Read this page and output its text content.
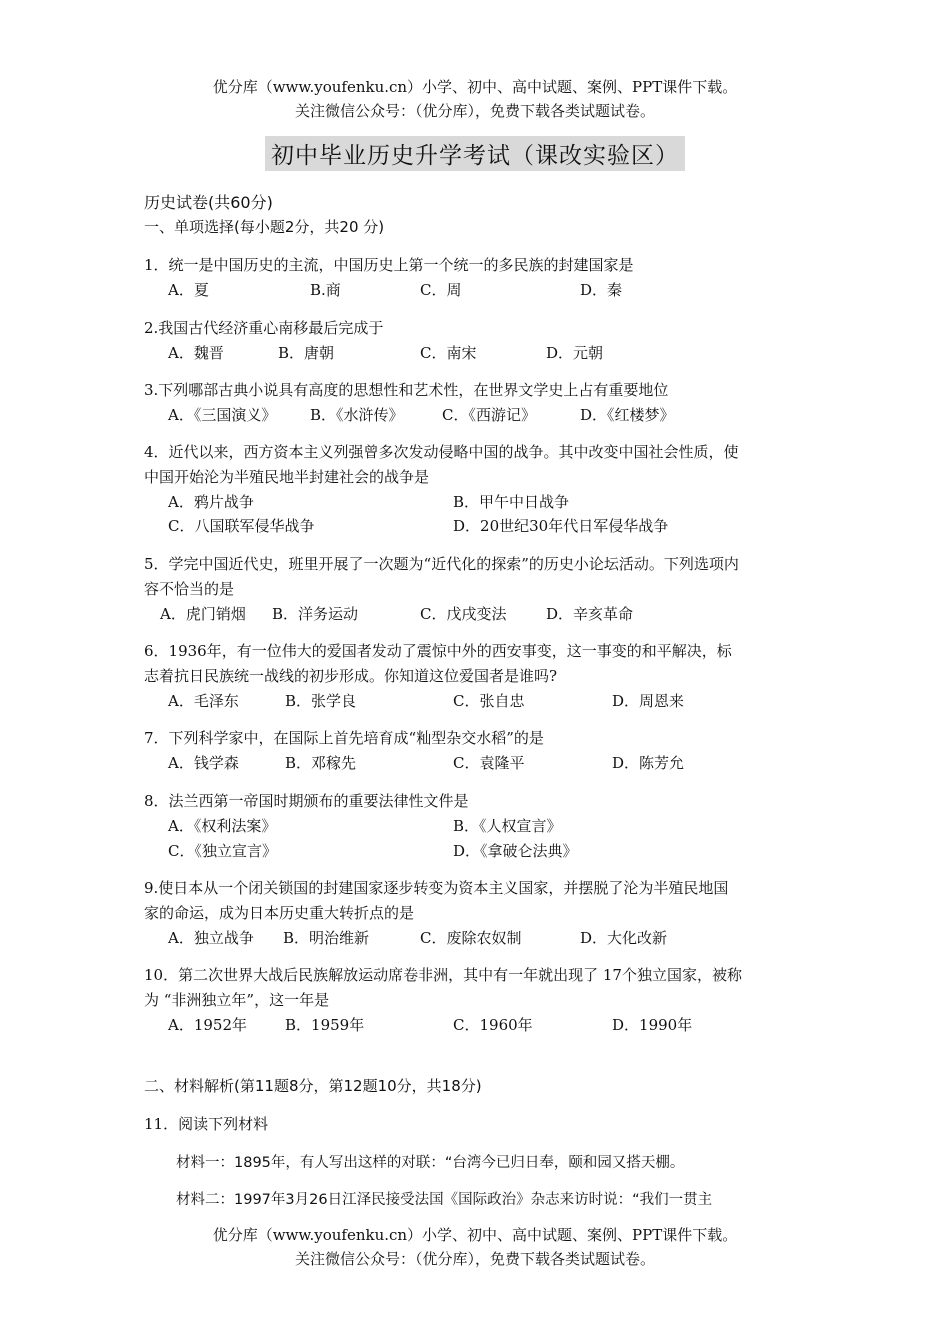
优分库（www.youfenku.cn）小学、初中、高中试题、案例、PPT课件下载。
关注微信公众号：（优分库），免费下载各类试题试卷。
初中毕业历史升学考试（课改实验区）
历史试卷(共60分)
一、单项选择(每小题2分，共20 分)
1．统一是中国历史的主流，中国历史上第一个统一的多民族的封建国家是
A．夏	B.商	C．周	D．秦
2.我国古代经济重心南移最后完成于
A．魏晋	B．唐朝	C．南宋	D．元朝
3.下列哪部古典小说具有高度的思想性和艺术性，在世界文学史上占有重要地位
A．《三国演义》 B．《水浒传》	C．《西游记》	D．《红楼梦》
4．近代以来，西方资本主义列强曾多次发动侵略中国的战争。其中改变中国社会性质，使
中国开始沦为半殖民地半封建社会的战争是
A．鸦片战争	B．甲午中日战争
C．八国联军侵华战争	D．20世纪30年代日军侵华战争
5．学完中国近代史，班里开展了一次题为“近代化的探索”的历史小论坛活动。下列选项内
容不恰当的是
A．虎门销烟 B．洋务运动	C．戊戌变法	D．辛亥革命
6．1936年，有一位伟大的爱国者发动了震惊中外的西安事变，这一事变的和平解决，标
志着抗日民族统一战线的初步形成。你知道这位爱国者是谁吗?
A．毛泽东	B．张学良	C．张自忠	D．周恩来
7．下列科学家中，在国际上首先培育成“籼型杂交水稻”的是
A．钱学森	B．邓稼先	C．袁隆平	D．陈芳允
8．法兰西第一帝国时期颁布的重要法律性文件是
A．《权利法案》	B．《人权宣言》
C．《独立宣言》	D．《拿破仑法典》
9.使日本从一个闭关锁国的封建国家逐步转变为资本主义国家，并摆脱了沦为半殖民地国
家的命运，成为日本历史重大转折点的是
A．独立战争 B．明治维新	C．废除农奴制	D．大化改新
10．第二次世界大战后民族解放运动席卷非洲，其中有一年就出现了 17个独立国家，被称
为 “非洲独立年”，这一年是
A．1952年	B．1959年	C．1960年	D．1990年
二、材料解析(第11题8分，第12题10分，共18分)
11．阅读下列材料
材料一：1895年，有人写出这样的对联：“台湾今已归日奉，颐和园又搭天棚。
材料二：1997年3月26日江泽民接受法国《国际政治》杂志来访时说：“我们一贯主
优分库（www.youfenku.cn）小学、初中、高中试题、案例、PPT课件下载。
关注微信公众号：（优分库），免费下载各类试题试卷。
